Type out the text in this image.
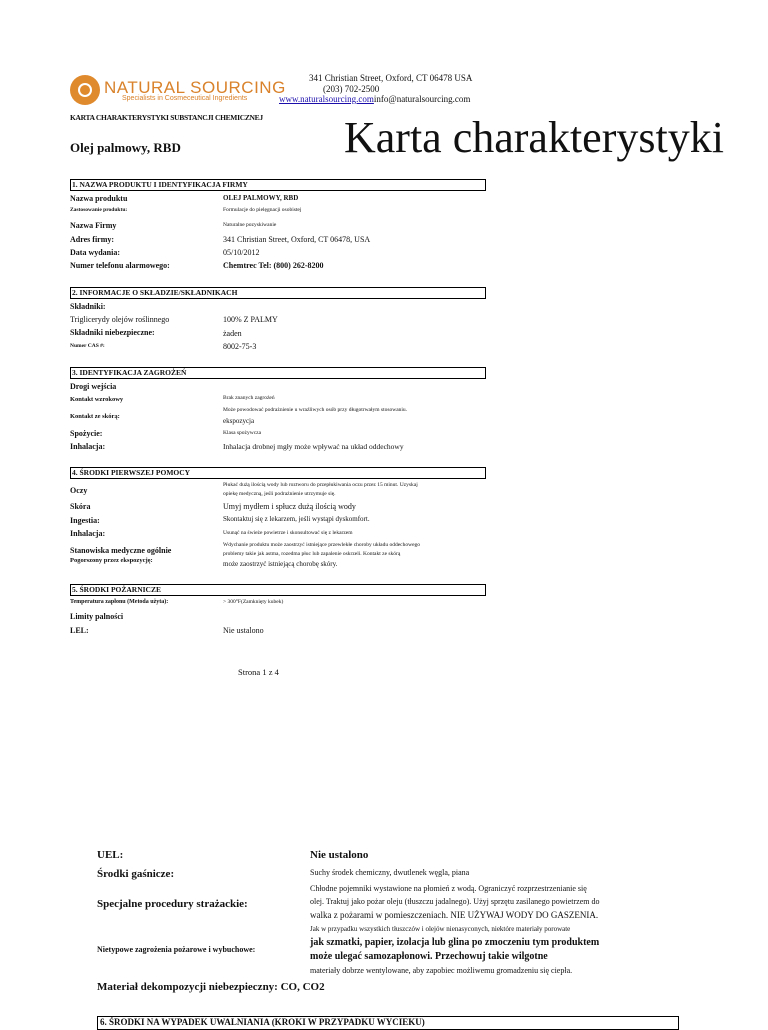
NATURAL SOURCING
Specialists in Cosmeceutical Ingredients
341 Christian Street, Oxford, CT 06478 USA
(203) 702-2500
www.naturalsourcing.cominfo@naturalsourcing.com
KARTA CHARAKTERYSTYKI SUBSTANCJI CHEMICZNEJ Karta charakterystyki
Olej palmowy, RBD
1. NAZWA PRODUKTU I IDENTYFIKACJA FIRMY
Nazwa produktu	OLEJ PALMOWY, RBD
Zastosowanie produktu:	Formulacje do pielęgnacji osobistej
Nazwa Firmy	Naturalne pozyskiwanie
Adres firmy:	341 Christian Street, Oxford, CT 06478, USA
Data wydania:	05/10/2012
Numer telefonu alarmowego:	Chemtrec Tel: (800) 262-8200
2. INFORMACJE O SKŁADZIE/SKŁADNIKACH
Składniki:
Triglicerydy olejów roślinnego	100% Z PALMY
Składniki niebezpieczne:	żaden
Numer CAS #:	8002-75-3
3. IDENTYFIKACJA ZAGROŻEŃ
Drogi wejścia
Kontakt wzrokowy	Brak znanych zagrożeń
Kontakt ze skórą:
Może powodować podrażnienie u wrażliwych osób przy długotrwałym stosowaniu.
ekspozycja
Spożycie:	Klasa spożywcza
Inhalacja:	Inhalacja drobnej mgły może wpływać na układ oddechowy
4. ŚRODKI PIERWSZEJ POMOCY
Oczy
Płukać dużą ilością wody lub roztworu do przepłukiwania oczu przez 15 minut. Uzyskaj
opiekę medyczną, jeśli podrażnienie utrzymuje się.
Skóra	Umyj mydłem i spłucz dużą ilością wody
Ingestia:	Skontaktuj się z lekarzem, jeśli wystąpi dyskomfort.
Inhalacja:	Usunąć na świeże powietrze i skonsultować się z lekarzem
Stanowiska medyczne ogólnie
Pogorszony przez ekspozycję:
Wdychanie produktu może zaostrzyć istniejące przewlekłe choroby układu oddechowego
problemy takie jak astma, rozedma płuc lub zapalenie oskrzeli. Kontakt ze skórą
może zaostrzyć istniejącą chorobę skóry.
5. ŚRODKI POŻARNICZE
Temperatura zapłonu (Metoda użyta):	> 300°F(Zamknięty kubek)
Limity palności
LEL:	Nie ustalono
Strona 1 z 4
UEL:	Nie ustalono
Środki gaśnicze:	Suchy środek chemiczny, dwutlenek węgla, piana
Specjalne procedury strażackie:
Chłodne pojemniki wystawione na płomień z wodą. Ograniczyć rozprzestrzenianie się
olej. Traktuj jako pożar oleju (tłuszczu jadalnego). Użyj sprzętu zasilanego powietrzem do
walka z pożarami w pomieszczeniach. NIE UŻYWAJ WODY DO GASZENIA.
Nietypowe zagrożenia pożarowe i wybuchowe:
Jak w przypadku wszystkich tłuszczów i olejów nienasyconych, niektóre materiały porowate
jak szmatki, papier, izolacja lub glina po zmoczeniu tym produktem
może ulegać samozapłonowi. Przechowuj takie wilgotne
materiały dobrze wentylowane, aby zapobiec możliwemu gromadzeniu się ciepła.
Materiał dekompozycji niebezpieczny: CO, CO2
6. ŚRODKI NA WYPADEK UWALNIANIA (KROKI W PRZYPADKU WYCIEKU)
